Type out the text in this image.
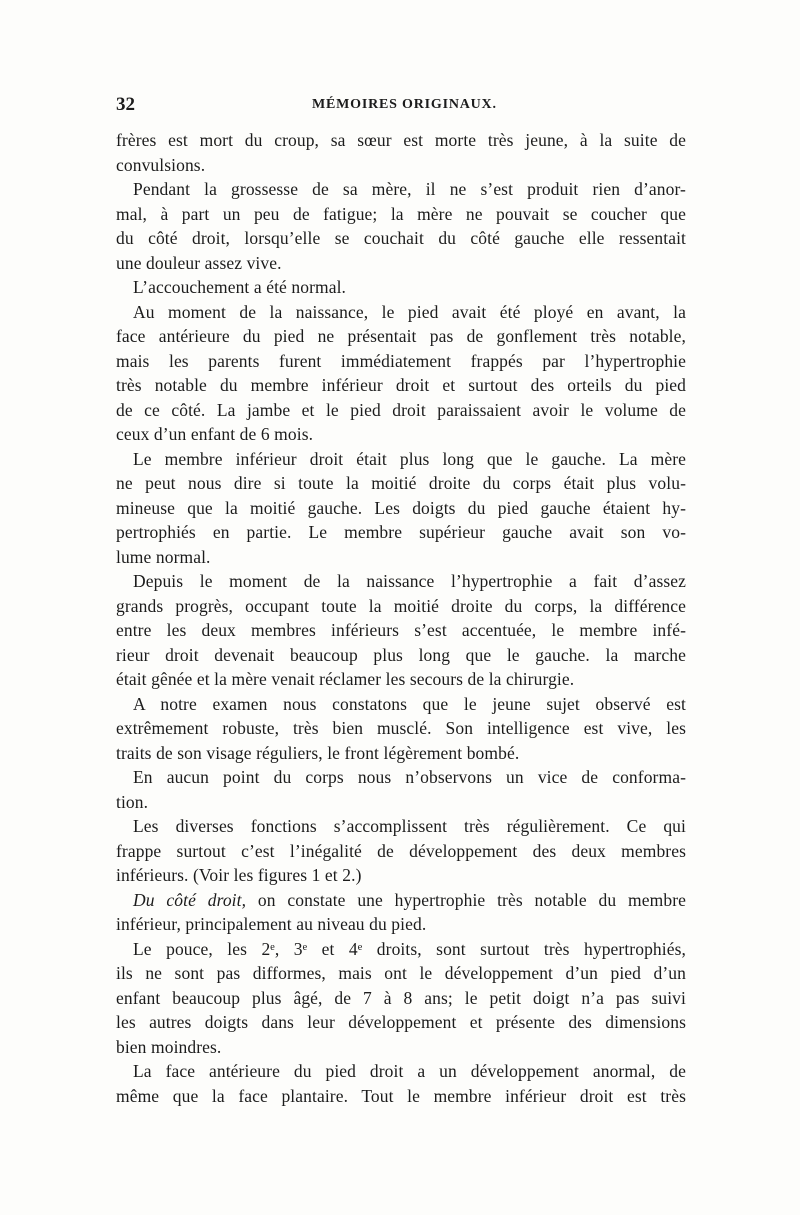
32	MÉMOIRES ORIGINAUX.
frères est mort du croup, sa sœur est morte très jeune, à la suite de
convulsions.
Pendant la grossesse de sa mère, il ne s’est produit rien d’anor-
mal, à part un peu de fatigue; la mère ne pouvait se coucher que
du côté droit, lorsqu’elle se couchait du côté gauche elle ressentait
une douleur assez vive.
L’accouchement a été normal.
Au moment de la naissance, le pied avait été ployé en avant, la
face antérieure du pied ne présentait pas de gonflement très notable,
mais les parents furent immédiatement frappés par l’hypertrophie
très notable du membre inférieur droit et surtout des orteils du pied
de ce côté. La jambe et le pied droit paraissaient avoir le volume de
ceux d’un enfant de 6 mois.
Le membre inférieur droit était plus long que le gauche. La mère
ne peut nous dire si toute la moitié droite du corps était plus volu-
mineuse que la moitié gauche. Les doigts du pied gauche étaient hy-
pertrophiés en partie. Le membre supérieur gauche avait son vo-
lume normal.
Depuis le moment de la naissance l’hypertrophie a fait d’assez
grands progrès, occupant toute la moitié droite du corps, la différence
entre les deux membres inférieurs s’est accentuée, le membre infé-
rieur droit devenait beaucoup plus long que le gauche. la marche
était gênée et la mère venait réclamer les secours de la chirurgie.
A notre examen nous constatons que le jeune sujet observé est
extrêmement robuste, très bien musclé. Son intelligence est vive, les
traits de son visage réguliers, le front légèrement bombé.
En aucun point du corps nous n’observons un vice de conforma-
tion.
Les diverses fonctions s’accomplissent très régulièrement. Ce qui
frappe surtout c’est l’inégalité de développement des deux membres
inférieurs. (Voir les figures 1 et 2.)
Du côté droit, on constate une hypertrophie très notable du membre
inférieur, principalement au niveau du pied.
Le pouce, les 2ᵉ, 3ᵉ et 4ᵉ droits, sont surtout très hypertrophiés,
ils ne sont pas difformes, mais ont le développement d’un pied d’un
enfant beaucoup plus âgé, de 7 à 8 ans; le petit doigt n’a pas suivi
les autres doigts dans leur développement et présente des dimensions
bien moindres.
La face antérieure du pied droit a un développement anormal, de
même que la face plantaire. Tout le membre inférieur droit est très
